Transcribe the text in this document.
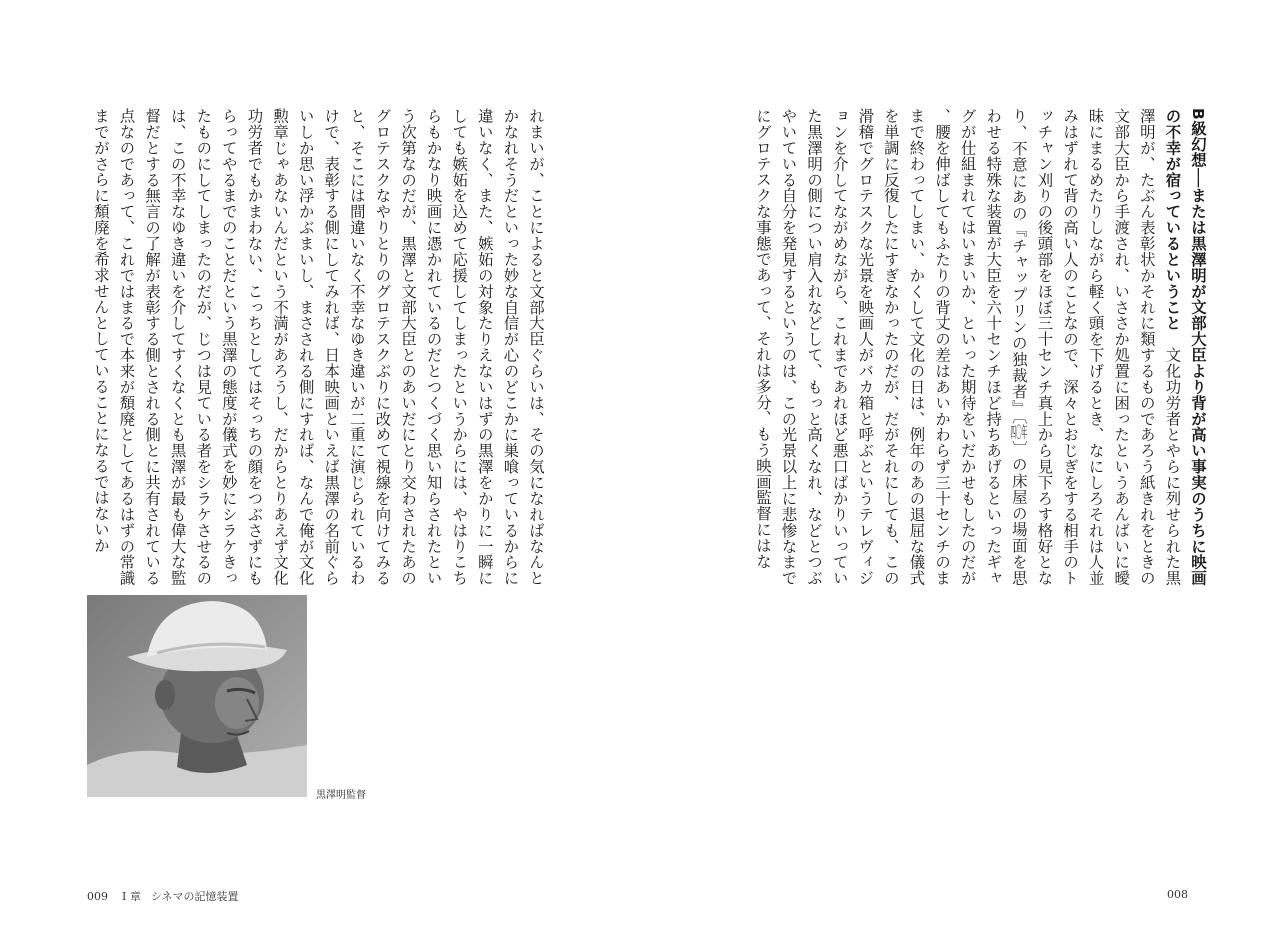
B級幻想──または黒澤明が文部大臣より背が高い事実のうちに映画の不幸が宿っているということ　文化功労者とやらに列せられた黒澤明が、たぶん表彰状かそれに類するものであろう紙きれをときの文部大臣から手渡され、いささか処置に困ったというあんばいに曖昧にまるめたりしながら軽く頭を下げるとき、なにしろそれは人並みはずれて背の高い人のことなので、深々とおじぎをする相手のトッチャン刈りの後頭部をほぼ三十センチ真上から見下ろす格好となり、不意にあの『チャップリンの独裁者』〔四〇年〕の床屋の場面を思わせる特殊な装置が大臣を六十センチほど持ちあげるといったギャグが仕組まれてはいまいか、といった期待をいだかせもしたのだが、腰を伸ばしてもふたりの背丈の差はあいかわらず三十センチのままで終わってしまい、かくして文化の日は、例年のあの退屈な儀式を単調に反復したにすぎなかったのだが、だがそれにしても、この滑稽でグロテスクな光景を映画人がバカ箱と呼ぶというテレヴィジョンを介してながめながら、これまであれほど悪口ばかりいっていた黒澤明の側につい肩入れなどして、もっと高くなれ、などとつぶやいている自分を発見するというのは、この光景以上に悲惨なまでにグロテスクな事態であって、それは多分、もう映画監督にはな
008
れまいが、ことによると文部大臣ぐらいは、その気になればなんとかなれそうだといった妙な自信が心のどこかに巣喰っているからに違いなく、また、嫉妬の対象たりえないはずの黒澤をかりに一瞬にしても嫉妬を込めて応援してしまったというからには、やはりこちらもかなり映画に憑かれているのだとつくづく思い知らされたという次第なのだが、黒澤と文部大臣とのあいだにとり交わされたあのグロテスクなやりとりのグロテスクぶりに改めて視線を向けてみると、そこには間違いなく不幸なゆき違いが二重に演じられているわけで、表彰する側にしてみれば、日本映画といえば黒澤の名前ぐらいしか思い浮かぶまいし、まさされる側にすれば、なんで俺が文化勲章じゃあないんだという不満があろうし、だからとりあえず文化功労者でもかまわない、こっちとしてはそっちの顔をつぶさずにもらってやるまでのことだという黒澤の態度が儀式を妙にシラケきったものにしてしまったのだが、じつは見ている者をシラケさせるのは、この不幸なゆき違いを介してすくなくとも黒澤が最も偉大な監督だとする無言の了解が表彰する側とされる側とに共有されている点なのであって、これではまるで本来が頽廃としてあるはずの常識までがさらに頽廃を希求せんとしていることになるではないか
黒澤明監督
009 I 章 シネマの記憶装置
